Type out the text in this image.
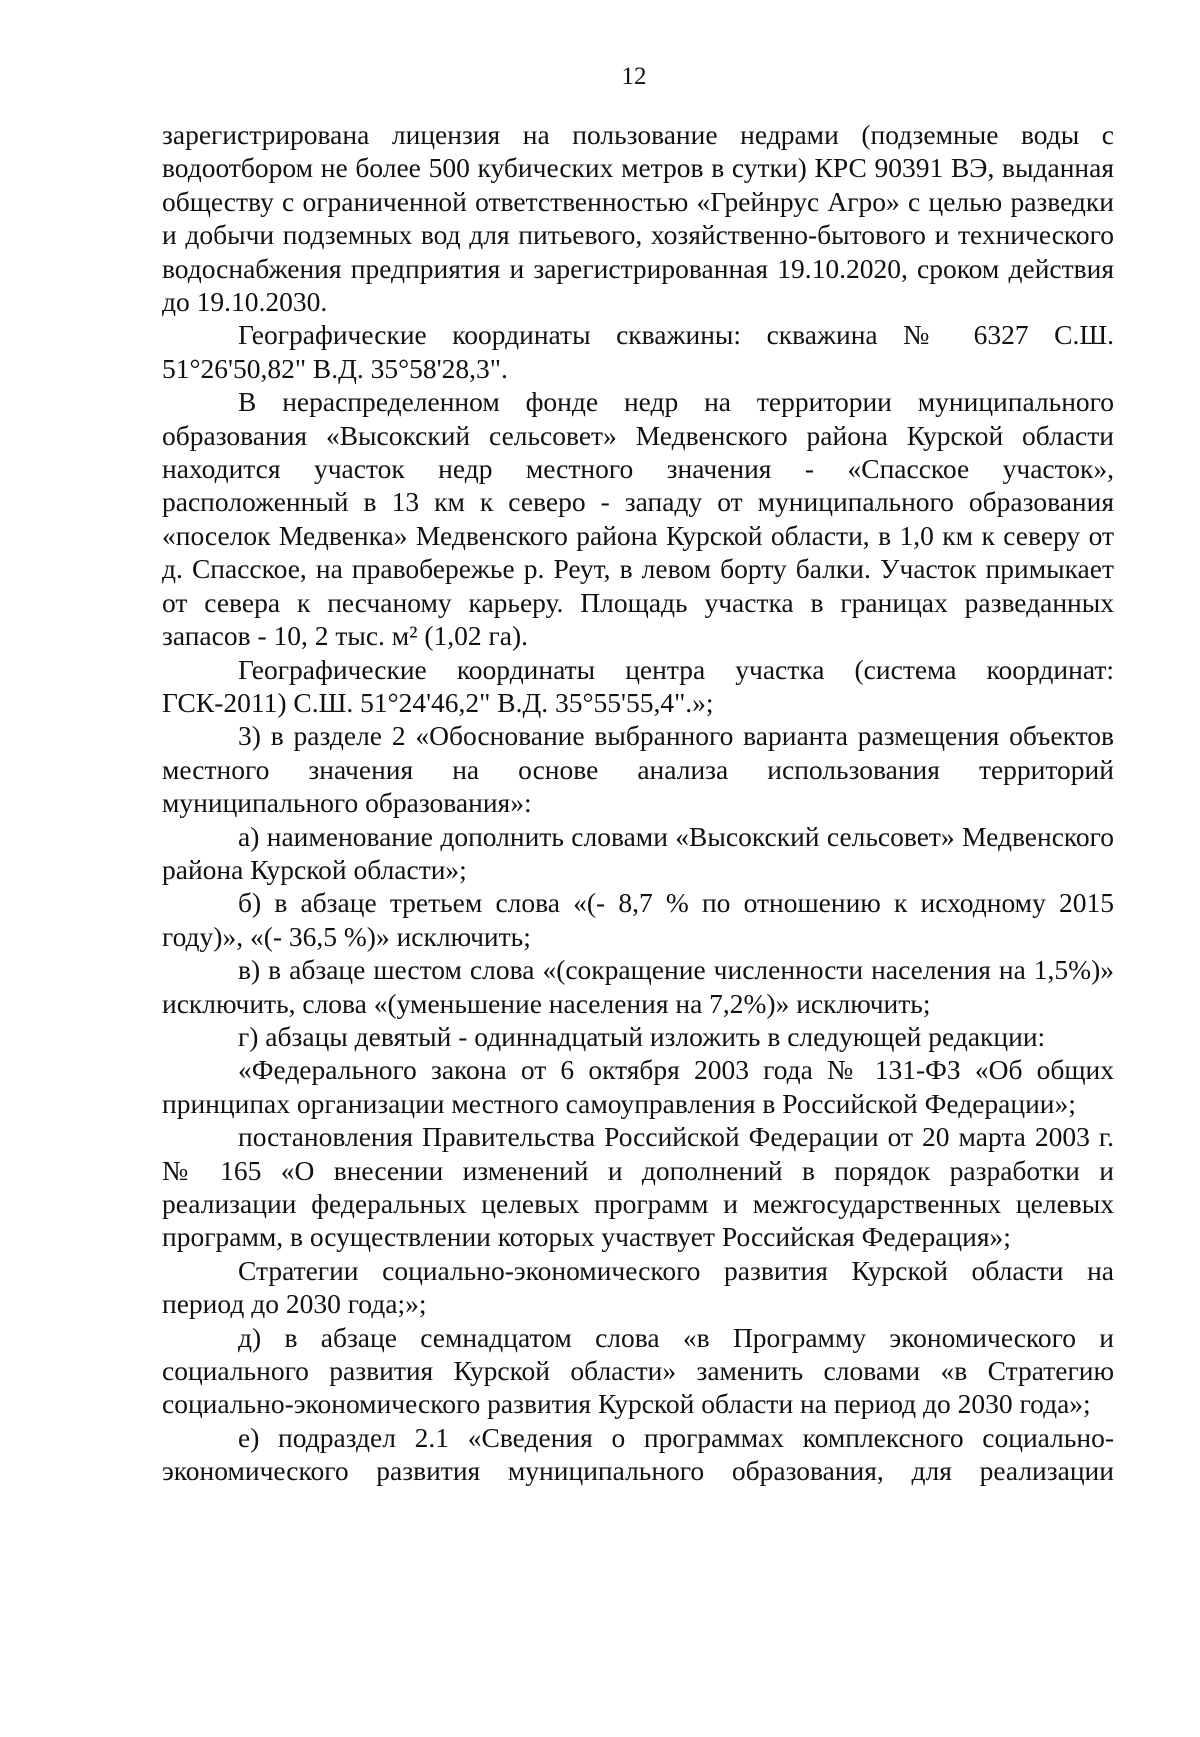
12

зарегистрирована лицензия на пользование недрами (подземные воды с водоотбором не более 500 кубических метров в сутки) КРС 90391 ВЭ, выданная обществу с ограниченной ответственностью «Грейнрус Агро» с целью разведки и добычи подземных вод для питьевого, хозяйственно-бытового и технического водоснабжения предприятия и зарегистрированная 19.10.2020, сроком действия до 19.10.2030.

Географические координаты скважины: скважина № 6327 С.Ш. 51°26'50,82" В.Д. 35°58'28,3".

В нераспределенном фонде недр на территории муниципального образования «Высокский сельсовет» Медвенского района Курской области находится участок недр местного значения - «Спасское участок», расположенный в 13 км к северо - западу от муниципального образования «поселок Медвенка» Медвенского района Курской области, в 1,0 км к северу от д. Спасское, на правобережье р. Реут, в левом борту балки. Участок примыкает от севера к песчаному карьеру. Площадь участка в границах разведанных запасов - 10, 2 тыс. м² (1,02 га).

Географические координаты центра участка (система координат: ГСК-2011) С.Ш. 51°24'46,2" В.Д. 35°55'55,4".»;

3) в разделе 2 «Обоснование выбранного варианта размещения объектов местного значения на основе анализа использования территорий муниципального образования»:

а) наименование дополнить словами «Высокский сельсовет» Медвенского района Курской области»;

б) в абзаце третьем слова «(- 8,7 % по отношению к исходному 2015 году)», «(- 36,5 %)» исключить;

в) в абзаце шестом слова «(сокращение численности населения на 1,5%)» исключить, слова «(уменьшение населения на 7,2%)» исключить;

г) абзацы девятый - одиннадцатый изложить в следующей редакции:

«Федерального закона от 6 октября 2003 года № 131-ФЗ «Об общих принципах организации местного самоуправления в Российской Федерации»;

постановления Правительства Российской Федерации от 20 марта 2003 г. № 165 «О внесении изменений и дополнений в порядок разработки и реализации федеральных целевых программ и межгосударственных целевых программ, в осуществлении которых участвует Российская Федерация»;

Стратегии социально-экономического развития Курской области на период до 2030 года;»;

д) в абзаце семнадцатом слова «в Программу экономического и социального развития Курской области» заменить словами «в Стратегию социально-экономического развития Курской области на период до 2030 года»;

е) подраздел 2.1 «Сведения о программах комплексного социально-экономического развития муниципального образования, для реализации
